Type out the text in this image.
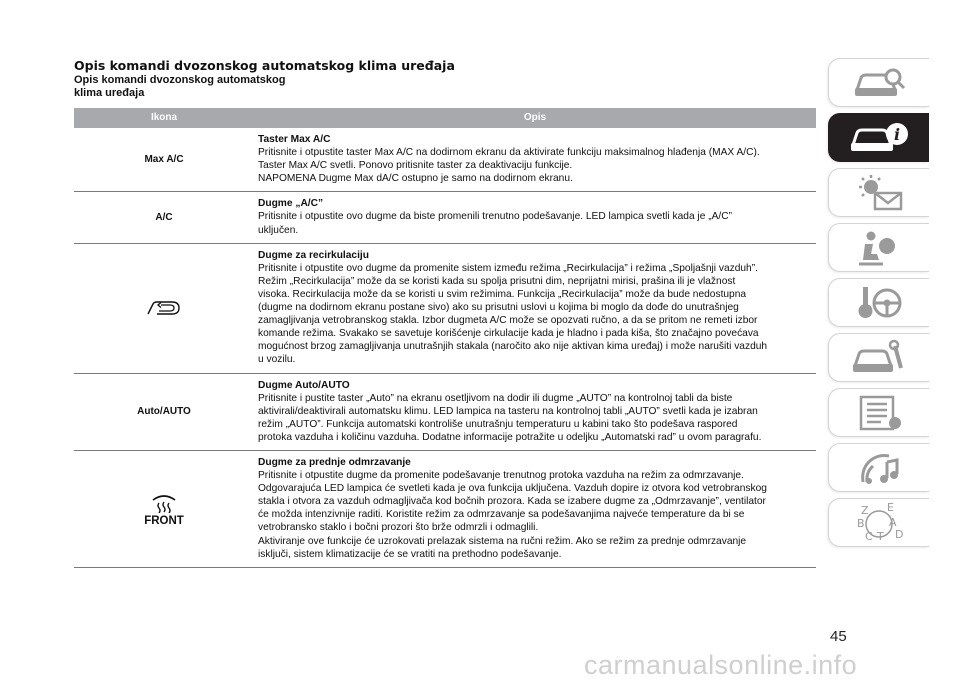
Opis komandi dvozonskog automatskog klima uređaja
Opis komandi dvozonskog automatskog
klima uređaja
Ikona	Opis
Max A/C
Taster Max A/C
Pritisnite i otpustite taster Max A/C na dodirnom ekranu da aktivirate funkciju maksimalnog hlađenja (MAX A/C).
Taster Max A/C svetli. Ponovo pritisnite taster za deaktivaciju funkcije.
NAPOMENA Dugme Max dA/C ostupno je samo na dodirnom ekranu.
A/C
Dugme „A/C”
Pritisnite i otpustite ovo dugme da biste promenili trenutno podešavanje. LED lampica svetli kada je „A/C”
uključen.
Dugme za recirkulaciju
Pritisnite i otpustite ovo dugme da promenite sistem između režima „Recirkulacija” i režima „Spoljašnji vazduh”.
Režim „Recirkulacija” može da se koristi kada su spolja prisutni dim, neprijatni mirisi, prašina ili je vlažnost
visoka. Recirkulacija može da se koristi u svim režimima. Funkcija „Recirkulacija” može da bude nedostupna
(dugme na dodirnom ekranu postane sivo) ako su prisutni uslovi u kojima bi moglo da dođe do unutrašnjeg
zamagljivanja vetrobranskog stakla. Izbor dugmeta A/C može se opozvati ručno, a da se pritom ne remeti izbor
komande režima. Svakako se savetuje korišćenje cirkulacije kada je hladno i pada kiša, što značajno povećava
mogućnost brzog zamagljivanja unutrašnjih stakala (naročito ako nije aktivan kima uređaj) i može narušiti vazduh
u vozilu.
Auto/AUTO
Dugme Auto/AUTO
Pritisnite i pustite taster „Auto” na ekranu osetljivom na dodir ili dugme „AUTO” na kontrolnoj tabli da biste
aktivirali/deaktivirali automatsku klimu. LED lampica na tasteru na kontrolnoj tabli „AUTO” svetli kada je izabran
režim „AUTO”. Funkcija automatski kontroliše unutrašnju temperaturu u kabini tako što podešava raspored
protoka vazduha i količinu vazduha. Dodatne informacije potražite u odeljku „Automatski rad” u ovom paragrafu.
FRONT
Dugme za prednje odmrzavanje
Pritisnite i otpustite dugme da promenite podešavanje trenutnog protoka vazduha na režim za odmrzavanje.
Odgovarajuća LED lampica će svetleti kada je ova funkcija uključena. Vazduh dopire iz otvora kod vetrobranskog
stakla i otvora za vazduh odmagljivača kod bočnih prozora. Kada se izabere dugme za „Odmrzavanje”, ventilator
će možda intenzivnije raditi. Koristite režim za odmrzavanje sa podešavanjima najveće temperature da bi se
vetrobransko staklo i bočni prozori što brže odmrzli i odmaglili.
Aktiviranje ove funkcije će uzrokovati prelazak sistema na ručni režim. Ako se režim za prednje odmrzavanje
isključi, sistem klimatizacije će se vratiti na prethodno podešavanje.
i
Z E
B A
C T D
45
carmanualsonline.info
